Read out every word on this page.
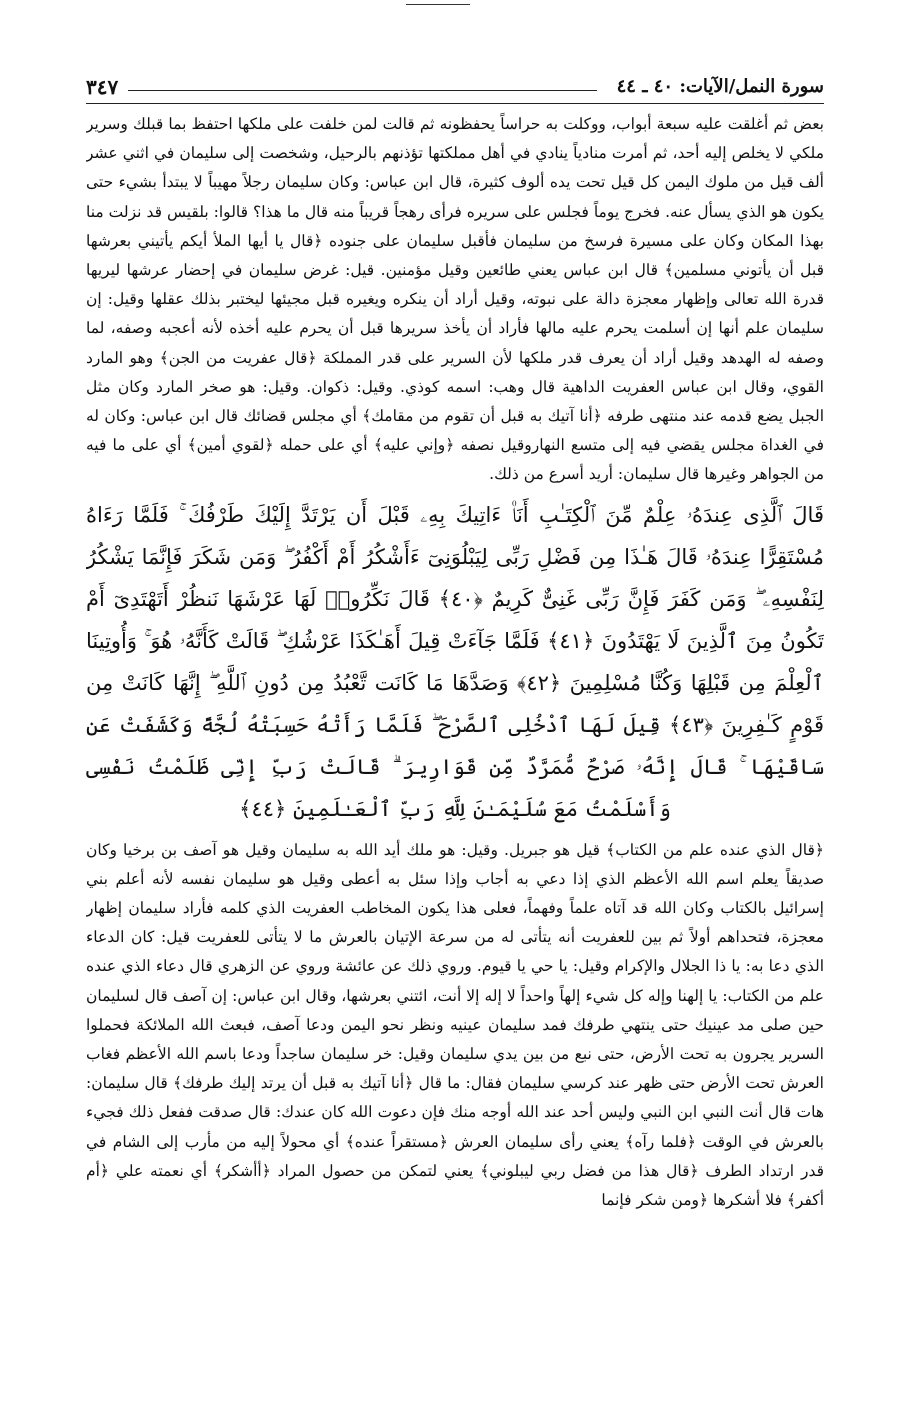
سورة النمل/الآيات: ٤٠ ـ ٤٤
٣٤٧

بعض ثم أغلقت عليه سبعة أبواب، ووكلت به حراساً يحفظونه ثم قالت لمن خلفت على ملكها احتفظ بما قبلك وسرير ملكي لا يخلص إليه أحد، ثم أمرت منادياً ينادي في أهل مملكتها تؤذنهم بالرحيل، وشخصت إلى سليمان في اثني عشر ألف قيل من ملوك اليمن كل قيل تحت يده ألوف كثيرة، قال ابن عباس: وكان سليمان رجلاً مهيباً لا يبتدأ بشيء حتى يكون هو الذي يسأل عنه. فخرج يوماً فجلس على سريره فرأى رهجاً قريباً منه قال ما هذا؟ قالوا: بلقيس قد نزلت منا بهذا المكان وكان على مسيرة فرسخ من سليمان فأقبل سليمان على جنوده ﴿قال يا أيها الملأ أيكم يأتيني بعرشها قبل أن يأتوني مسلمين﴾ قال ابن عباس يعني طائعين وقيل مؤمنين. قيل: غرض سليمان في إحضار عرشها ليريها قدرة الله تعالى وإظهار معجزة دالة على نبوته، وقيل أراد أن ينكره ويغيره قبل مجيئها ليختبر بذلك عقلها وقيل: إن سليمان علم أنها إن أسلمت يحرم عليه مالها فأراد أن يأخذ سريرها قبل أن يحرم عليه أخذه لأنه أعجبه وصفه، لما وصفه له الهدهد وقيل أراد أن يعرف قدر ملكها لأن السرير على قدر المملكة ﴿قال عفريت من الجن﴾ وهو المارد القوي، وقال ابن عباس العفريت الداهية قال وهب: اسمه كوذي. وقيل: ذكوان. وقيل: هو صخر المارد وكان مثل الجبل يضع قدمه عند منتهى طرفه ﴿أنا آتيك به قبل أن تقوم من مقامك﴾ أي مجلس قضائك قال ابن عباس: وكان له في الغداة مجلس يقضي فيه إلى متسع النهاروقيل نصفه ﴿وإني عليه﴾ أي على حمله ﴿لقوي أمين﴾ أي على ما فيه من الجواهر وغيرها قال سليمان: أريد أسرع من ذلك.

قَالَ ٱلَّذِى عِندَهُۥ عِلْمٌ مِّنَ ٱلْكِتَـٰبِ أَنَا۠ ءَاتِيكَ بِهِۦ قَبْلَ أَن يَرْتَدَّ إِلَيْكَ طَرْفُكَ ۚ فَلَمَّا رَءَاهُ مُسْتَقِرًّا عِندَهُۥ قَالَ هَـٰذَا مِن فَضْلِ رَبِّى لِيَبْلُوَنِىٓ ءَأَشْكُرُ أَمْ أَكْفُرُ ۖ وَمَن شَكَرَ فَإِنَّمَا يَشْكُرُ لِنَفْسِهِۦ ۖ وَمَن كَفَرَ فَإِنَّ رَبِّى غَنِىٌّ كَرِيمٌ ﴿٤٠﴾ قَالَ نَكِّرُوا۟ لَهَا عَرْشَهَا نَنظُرْ أَتَهْتَدِىٓ أَمْ تَكُونُ مِنَ ٱلَّذِينَ لَا يَهْتَدُونَ ﴿٤١﴾ فَلَمَّا جَآءَتْ قِيلَ أَهَـٰكَذَا عَرْشُكِ ۖ قَالَتْ كَأَنَّهُۥ هُوَ ۚ وَأُوتِينَا ٱلْعِلْمَ مِن قَبْلِهَا وَكُنَّا مُسْلِمِينَ ﴿٤٢﴾ وَصَدَّهَا مَا كَانَت تَّعْبُدُ مِن دُونِ ٱللَّهِ ۖ إِنَّهَا كَانَتْ مِن قَوْمٍ كَـٰفِرِينَ ﴿٤٣﴾ قِيلَ لَهَا ٱدْخُلِى ٱلصَّرْحَ ۖ فَلَمَّا رَأَتْهُ حَسِبَتْهُ لُجَّةً وَكَشَفَتْ عَن سَاقَيْهَا ۚ قَالَ إِنَّهُۥ صَرْحٌ مُّمَرَّدٌ مِّن قَوَارِيرَ ۗ قَالَتْ رَبِّ إِنِّى ظَلَمْتُ نَفْسِى وَأَسْلَمْتُ مَعَ سُلَيْمَـٰنَ لِلَّهِ رَبِّ ٱلْعَـٰلَمِينَ ﴿٤٤﴾

﴿قال الذي عنده علم من الكتاب﴾ قيل هو جبريل. وقيل: هو ملك أيد الله به سليمان وقيل هو آصف بن برخيا وكان صديقاً يعلم اسم الله الأعظم الذي إذا دعي به أجاب وإذا سئل به أعطى وقيل هو سليمان نفسه لأنه أعلم بني إسرائيل بالكتاب وكان الله قد آتاه علماً وفهماً، فعلى هذا يكون المخاطب العفريت الذي كلمه فأراد سليمان إظهار معجزة، فتحداهم أولاً ثم بين للعفريت أنه يتأتى له من سرعة الإتيان بالعرش ما لا يتأتى للعفريت قيل: كان الدعاء الذي دعا به: يا ذا الجلال والإكرام وقيل: يا حي يا قيوم. وروي ذلك عن عائشة وروي عن الزهري قال دعاء الذي عنده علم من الكتاب: يا إلهنا وإله كل شيء إلهاً واحداً لا إله إلا أنت، ائتني بعرشها، وقال ابن عباس: إن آصف قال لسليمان حين صلى مد عينيك حتى ينتهي طرفك فمد سليمان عينيه ونظر نحو اليمن ودعا آصف، فبعث الله الملائكة فحملوا السرير يجرون به تحت الأرض، حتى نبع من بين يدي سليمان وقيل: خر سليمان ساجداً ودعا باسم الله الأعظم فغاب العرش تحت الأرض حتى ظهر عند كرسي سليمان فقال: ما قال ﴿أنا آتيك به قبل أن يرتد إليك طرفك﴾ قال سليمان: هات قال أنت النبي ابن النبي وليس أحد عند الله أوجه منك فإن دعوت الله كان عندك: قال صدقت ففعل ذلك فجيء بالعرش في الوقت ﴿فلما رآه﴾ يعني رأى سليمان العرش ﴿مستقراً عنده﴾ أي محولاً إليه من مأرب إلى الشام في قدر ارتداد الطرف ﴿قال هذا من فضل ربي ليبلوني﴾ يعني لتمكن من حصول المراد ﴿أأشكر﴾ أي نعمته علي ﴿أم أكفر﴾ فلا أشكرها ﴿ومن شكر فإنما
